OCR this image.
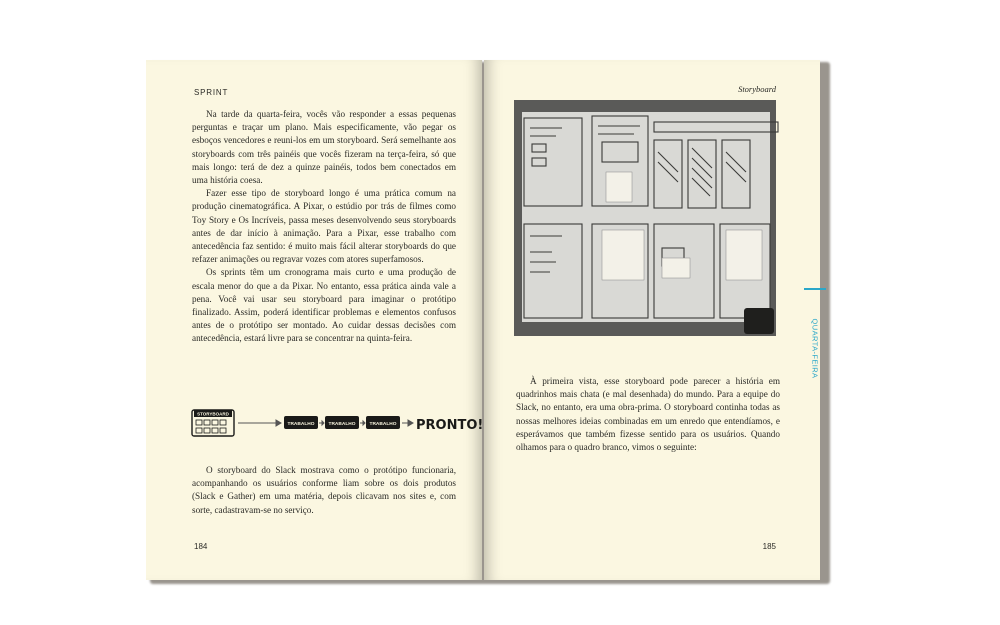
SPRINT

Na tarde da quarta-feira, vocês vão responder a essas pequenas perguntas e traçar um plano. Mais especificamente, vão pegar os esboços vencedores e reuni-los em um storyboard. Será semelhante aos storyboards com três painéis que vocês fizeram na terça-feira, só que mais longo: terá de dez a quinze painéis, todos bem conectados em uma história coesa.

Fazer esse tipo de storyboard longo é uma prática comum na produção cinematográfica. A Pixar, o estúdio por trás de filmes como Toy Story e Os Incríveis, passa meses desenvolvendo seus storyboards antes de dar início à animação. Para a Pixar, esse trabalho com antecedência faz sentido: é muito mais fácil alterar storyboards do que refazer animações ou regravar vozes com atores superfamosos.

Os sprints têm um cronograma mais curto e uma produção de escala menor do que a da Pixar. No entanto, essa prática ainda vale a pena. Você vai usar seu storyboard para imaginar o protótipo finalizado. Assim, poderá identificar problemas e elementos confusos antes de o protótipo ser montado. Ao cuidar dessas decisões com antecedência, estará livre para se concentrar na quinta-feira.

STORYBOARD
TRABALHO	TRABALHO	TRABALHO PRONTO!

O storyboard do Slack mostrava como o protótipo funcionaria, acompanhando os usuários conforme liam sobre os dois produtos (Slack e Gather) em uma matéria, depois clicavam nos sites e, com sorte, cadastravam-se no serviço.

184
Storyboard

À primeira vista, esse storyboard pode parecer a história em quadrinhos mais chata (e mal desenhada) do mundo. Para a equipe do Slack, no entanto, era uma obra-prima. O storyboard continha todas as nossas melhores ideias combinadas em um enredo que entendíamos, e esperávamos que também fizesse sentido para os usuários. Quando olhamos para o quadro branco, vimos o seguinte:

QUARTA-FEIRA
185
